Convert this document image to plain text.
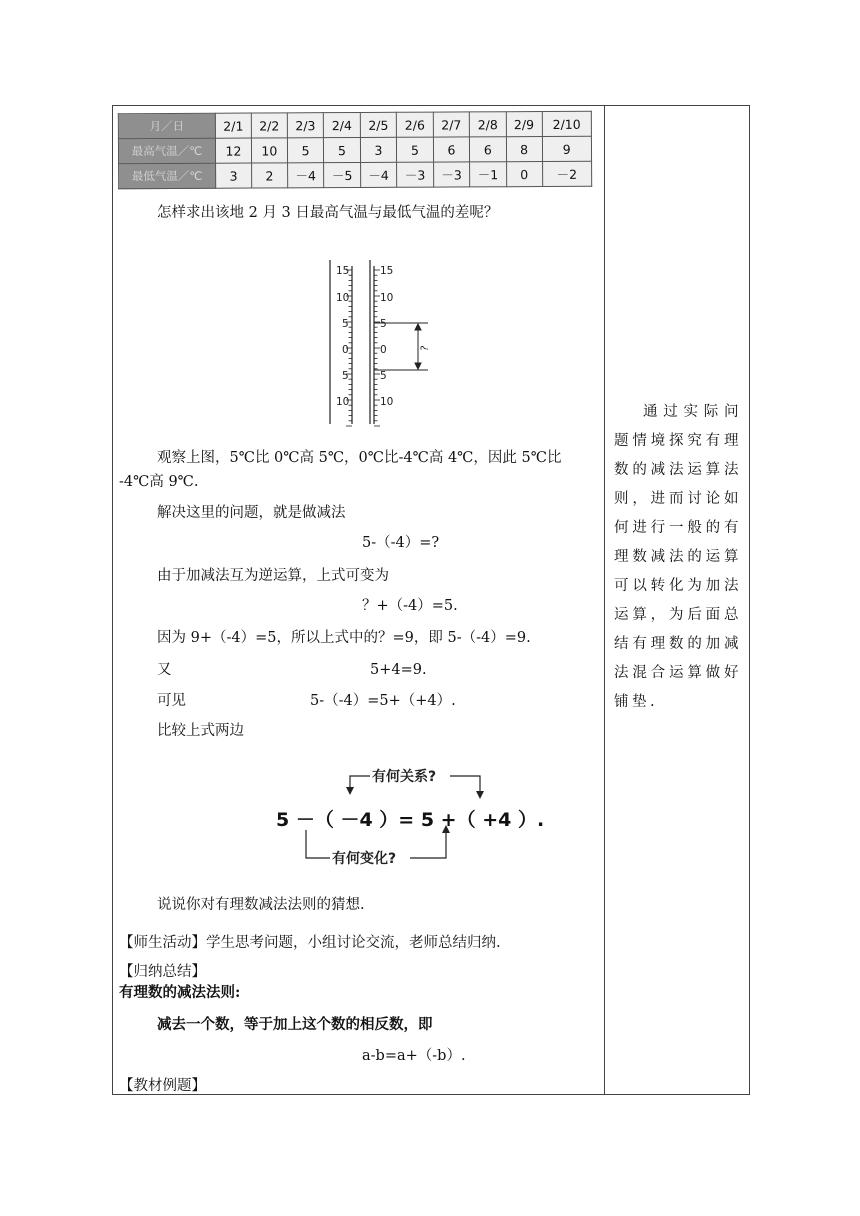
月／日	2/1	2/2	2/3	2/4	2/5	2/6	2/7	2/8	2/9	2/10
最高气温／℃	12	10	5	5	3	5	6	6	8	9
最低气温／℃	3	2	－4	－5	－4	－3	－3	－1	0	－2
怎样求出该地 2 月 3 日最高气温与最低气温的差呢？
15
10
5
0
5
10
15
10
5
0
5
10
?
观察上图，5℃比 0℃高 5℃，0℃比-4℃高 4℃，因此 5℃比
-4℃高 9℃.
解决这里的问题，就是做减法
5-（-4）=?
由于加减法互为逆运算，上式可变为
？+（-4）=5.
因为 9+（-4）=5，所以上式中的？=9，即 5-（-4）=9.
又	5+4=9.
可见	5-（-4）=5+（+4）.
比较上式两边
有何关系?
有何变化?
5 －（ －4 ）= 5 +（ +4 ）.
说说你对有理数减法法则的猜想.
【师生活动】学生思考问题，小组讨论交流，老师总结归纳.
【归纳总结】
有理数的减法法则:
减去一个数，等于加上这个数的相反数，即
a-b=a+（-b）.
【教材例题】
通过实际问题情境探究有理数的减法运算法则，进而讨论如何进行一般的有理数减法的运算可以转化为加法运算，为后面总结有理数的加减法混合运算做好铺垫.
